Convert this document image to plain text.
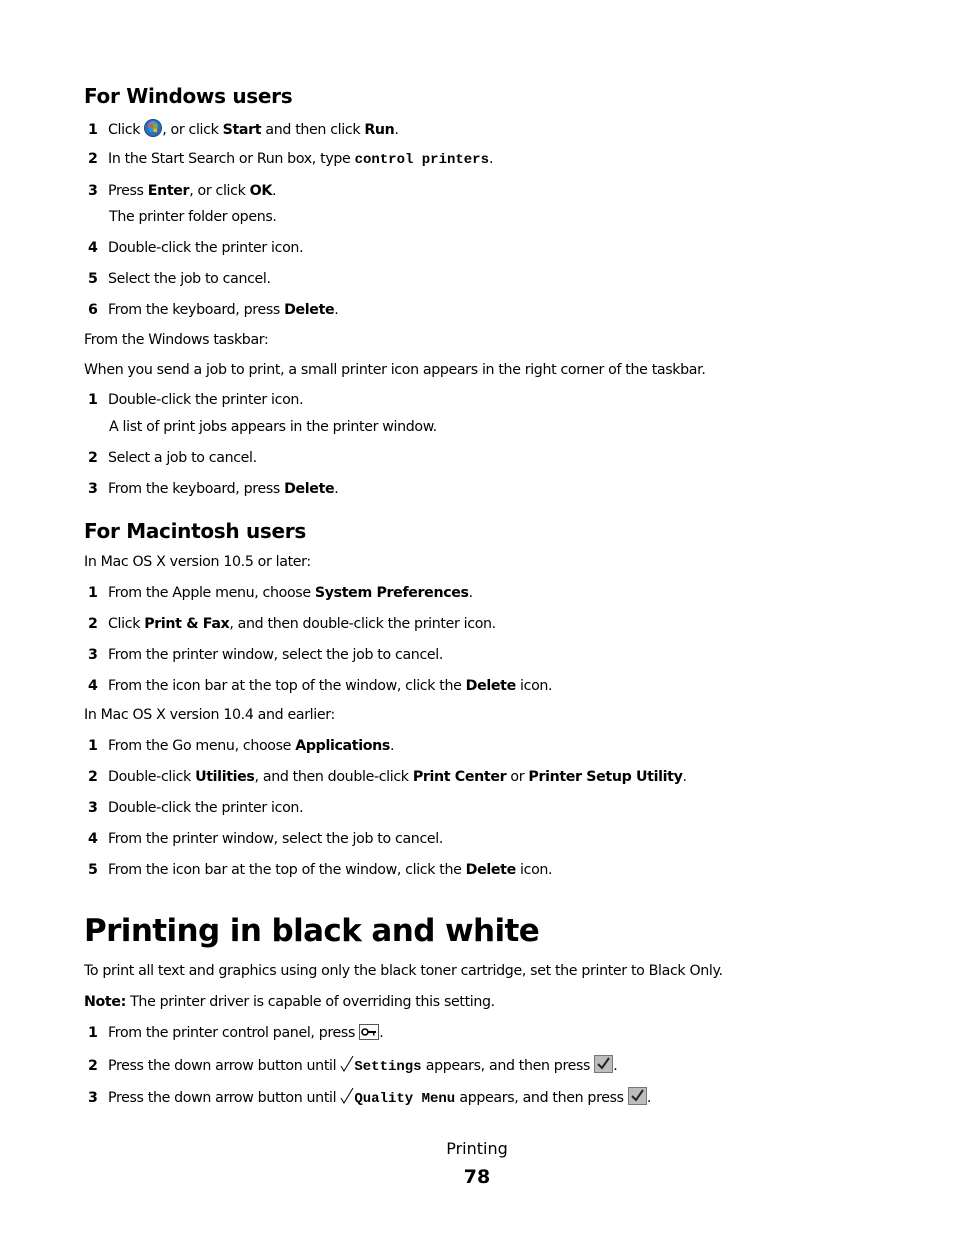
For Windows users
1 Click , or click Start and then click Run.
2 In the Start Search or Run box, type control printers.
3 Press Enter, or click OK.
The printer folder opens.
4 Double-click the printer icon.
5 Select the job to cancel.
6 From the keyboard, press Delete.
From the Windows taskbar:
When you send a job to print, a small printer icon appears in the right corner of the taskbar.
1 Double-click the printer icon.
A list of print jobs appears in the printer window.
2 Select a job to cancel.
3 From the keyboard, press Delete.
For Macintosh users
In Mac OS X version 10.5 or later:
1 From the Apple menu, choose System Preferences.
2 Click Print & Fax, and then double-click the printer icon.
3 From the printer window, select the job to cancel.
4 From the icon bar at the top of the window, click the Delete icon.
In Mac OS X version 10.4 and earlier:
1 From the Go menu, choose Applications.
2 Double-click Utilities, and then double-click Print Center or Printer Setup Utility.
3 Double-click the printer icon.
4 From the printer window, select the job to cancel.
5 From the icon bar at the top of the window, click the Delete icon.
Printing in black and white
To print all text and graphics using only the black toner cartridge, set the printer to Black Only.
Note: The printer driver is capable of overriding this setting.
1 From the printer control panel, press .
2 Press the down arrow button until Settings appears, and then press .
3 Press the down arrow button until Quality Menu appears, and then press .
Printing
78
